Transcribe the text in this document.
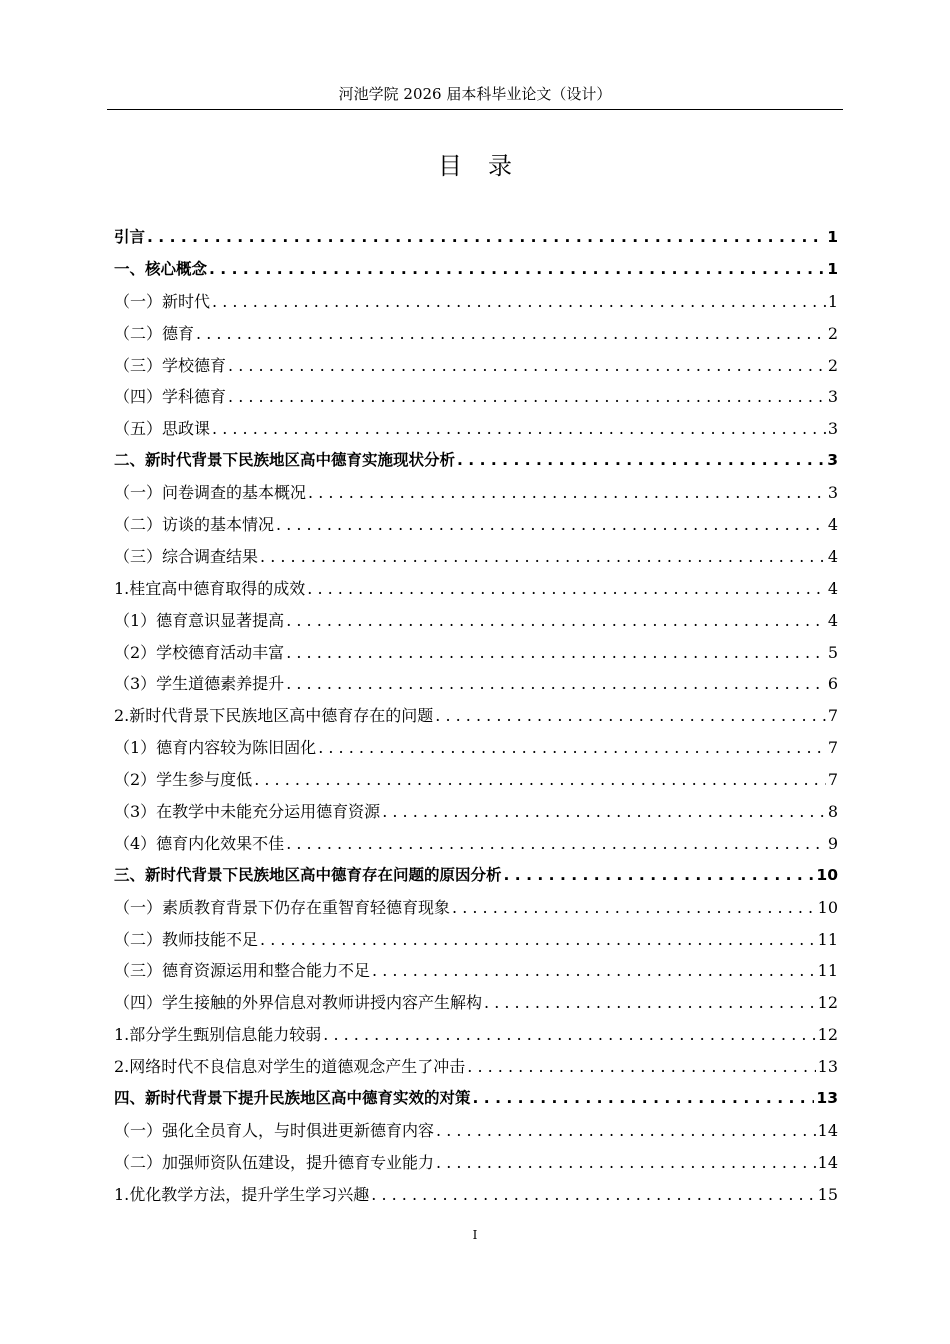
河池学院 2026 届本科毕业论文（设计）
目录
引言 . . .	1
一、核心概念 . . .	1
（一）新时代 . . .	1
（二）德育 . . .	2
（三）学校德育 . . .	2
（四）学科德育 . . .	3
（五）思政课 . . .	3
二、新时代背景下民族地区高中德育实施现状分析 . . .	3
（一）问卷调查的基本概况 . . .	3
（二）访谈的基本情况 . . .	4
（三）综合调查结果 . . .	4
1.桂宜高中德育取得的成效 . . .	4
（1）德育意识显著提高 . . .	4
（2）学校德育活动丰富 . . .	5
（3）学生道德素养提升 . . .	6
2.新时代背景下民族地区高中德育存在的问题 . . .	7
（1）德育内容较为陈旧固化 . . .	7
（2）学生参与度低 . . .	7
（3）在教学中未能充分运用德育资源 . . .	8
（4）德育内化效果不佳 . . .	9
三、新时代背景下民族地区高中德育存在问题的原因分析 . . .	10
（一）素质教育背景下仍存在重智育轻德育现象 . . .	10
（二）教师技能不足 . . .	11
（三）德育资源运用和整合能力不足 . . .	11
（四）学生接触的外界信息对教师讲授内容产生解构 . . .	12
1.部分学生甄别信息能力较弱 . . .	12
2.网络时代不良信息对学生的道德观念产生了冲击 . . .	13
四、新时代背景下提升民族地区高中德育实效的对策 . . .	13
（一）强化全员育人，与时俱进更新德育内容 . . .	14
（二）加强师资队伍建设，提升德育专业能力 . . .	14
1.优化教学方法，提升学生学习兴趣 . . .	15
I
